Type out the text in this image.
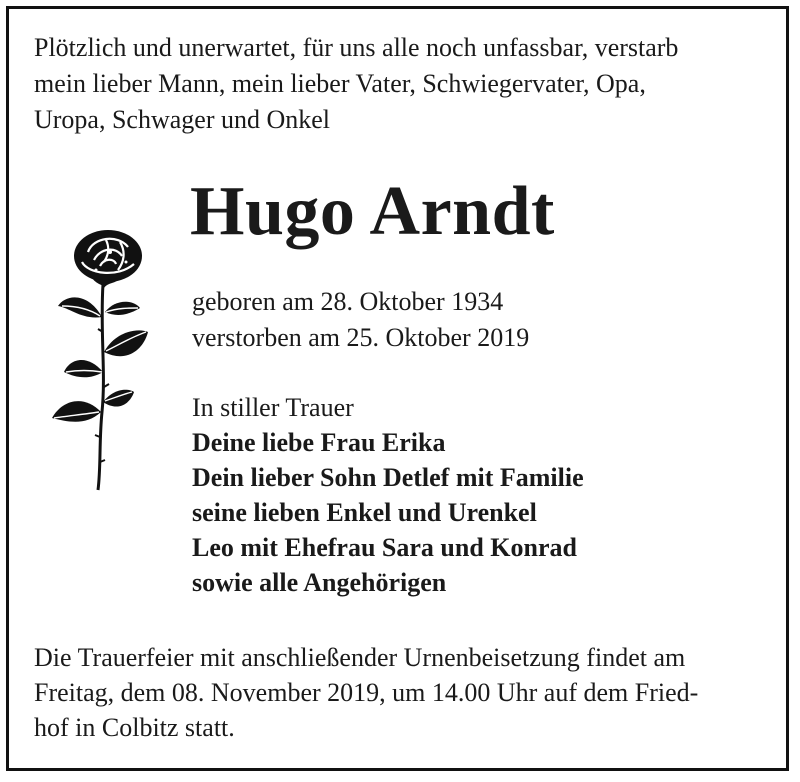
Plötzlich und unerwartet, für uns alle noch unfassbar, verstarb
mein lieber Mann, mein lieber Vater, Schwiegervater, Opa,
Uropa, Schwager und Onkel

Hugo Arndt

geboren am 28. Oktober 1934
verstorben am 25. Oktober 2019

In stiller Trauer
Deine liebe Frau Erika
Dein lieber Sohn Detlef mit Familie
seine lieben Enkel und Urenkel
Leo mit Ehefrau Sara und Konrad
sowie alle Angehörigen

Die Trauerfeier mit anschließender Urnenbeisetzung findet am
Freitag, dem 08. November 2019, um 14.00 Uhr auf dem Fried-
hof in Colbitz statt.
